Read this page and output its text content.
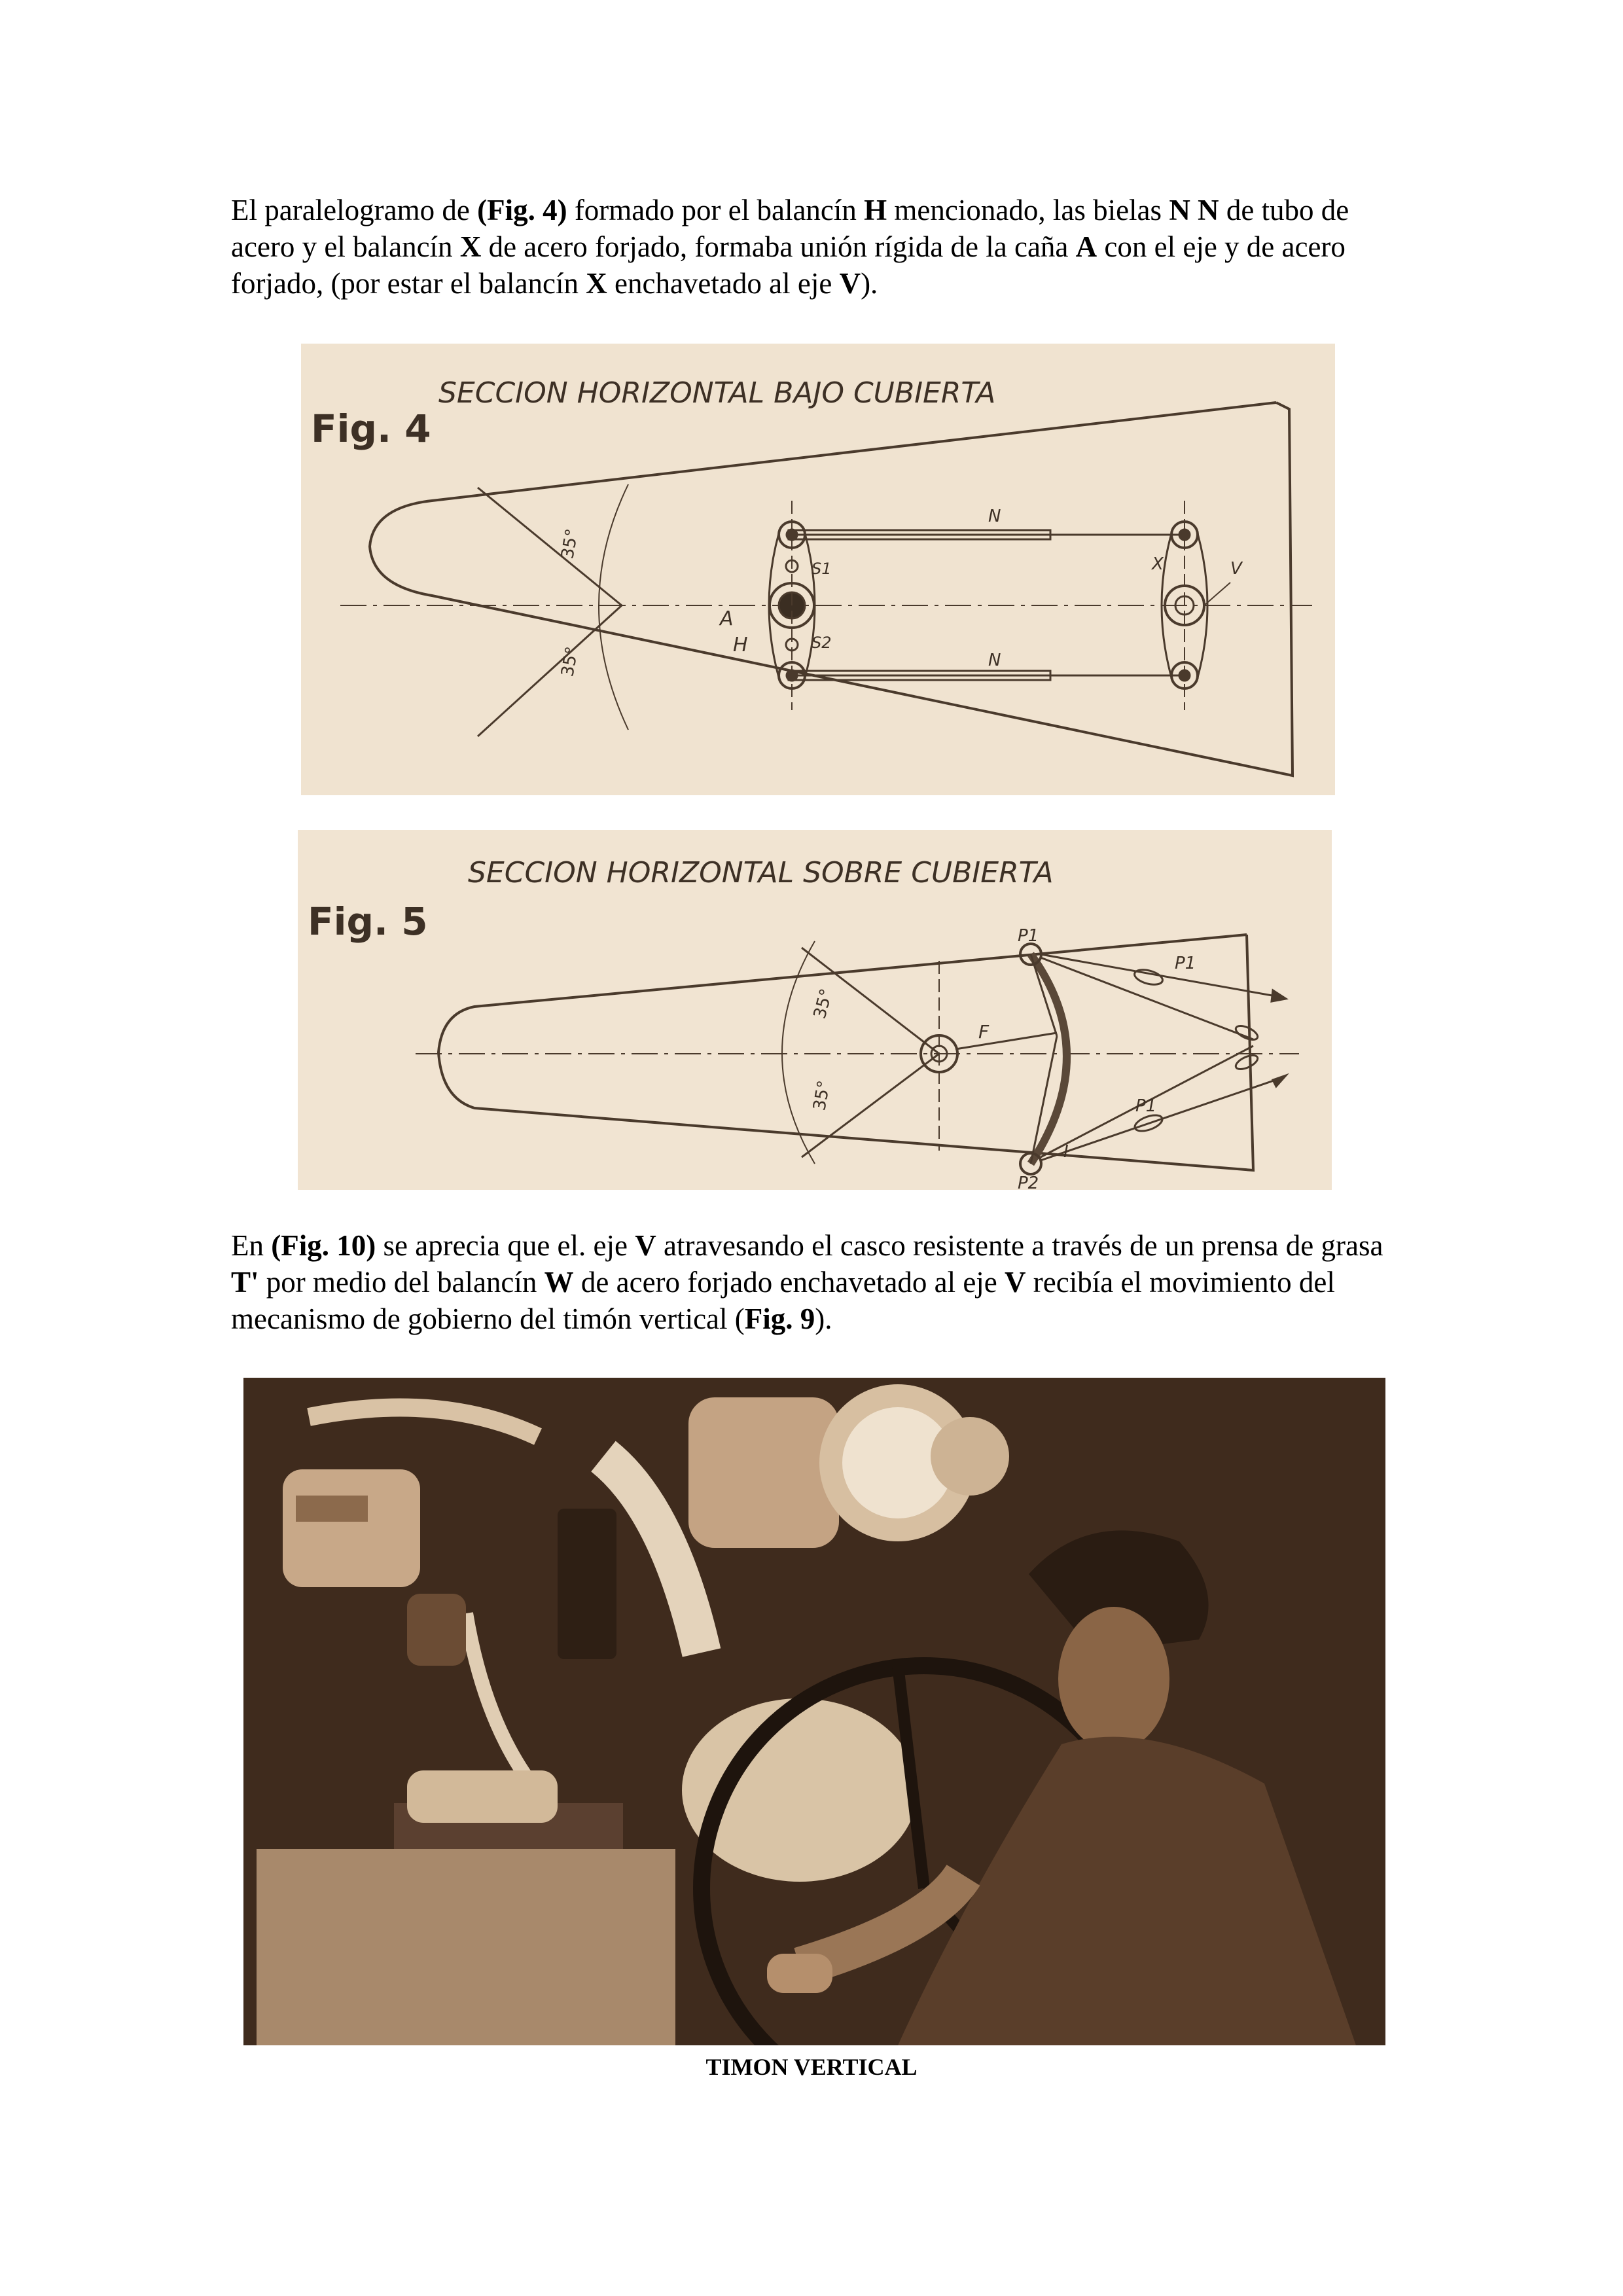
El paralelogramo de (Fig. 4) formado por el balancín H mencionado, las bielas N N de tubo de acero y el balancín X de acero forjado, formaba unión rígida de la caña A con el eje y de acero forjado, (por estar el balancín X enchavetado al eje V).

Fig. 4
SECCION HORIZONTAL BAJO CUBIERTA
35°
35°
N
N
X	V
A
H
S1
S2
Fig. 5
SECCION HORIZONTAL SOBRE CUBIERTA
35°
35°
P1
P2
P1
P1
F
I

En (Fig. 10) se aprecia que el. eje V atravesando el casco resistente a través de un prensa de grasa T' por medio del balancín W de acero forjado enchavetado al eje V recibía el movimiento del mecanismo de gobierno del timón vertical (Fig. 9).

TIMON VERTICAL
